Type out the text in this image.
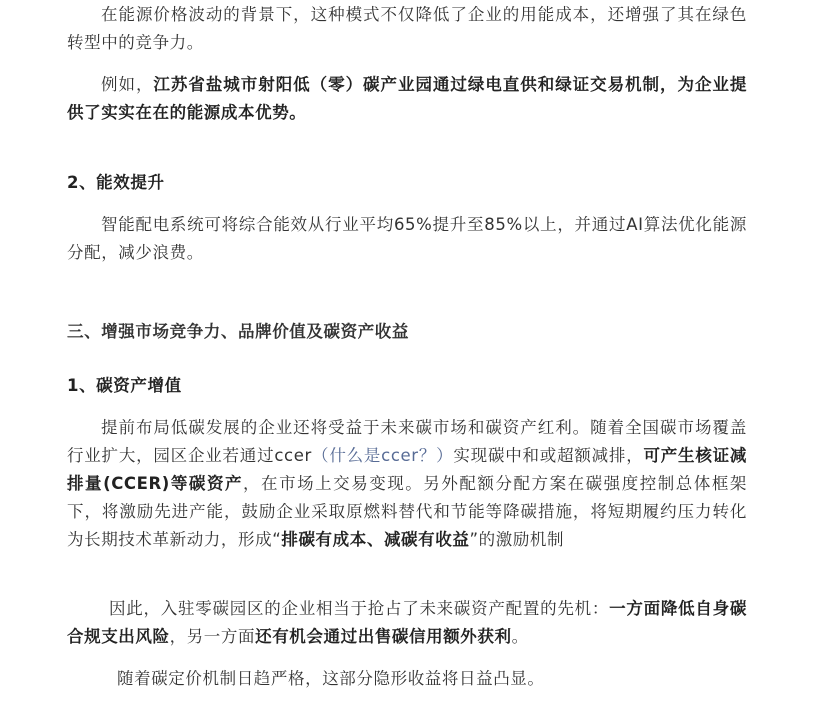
在能源价格波动的背景下，这种模式不仅降低了企业的用能成本，还增强了其在绿色转型中的竞争力。

例如，江苏省盐城市射阳低（零）碳产业园通过绿电直供和绿证交易机制，为企业提供了实实在在的能源成本优势。

2、能效提升

智能配电系统可将综合能效从行业平均65%提升至85%以上，并通过AI算法优化能源分配，减少浪费。

三、增强市场竞争力、品牌价值及碳资产收益
1、碳资产增值

提前布局低碳发展的企业还将受益于未来碳市场和碳资产红利。随着全国碳市场覆盖行业扩大，园区企业若通过ccer（什么是ccer？）实现碳中和或超额减排，可产生核证减排量(CCER)等碳资产，在市场上交易变现。另外配额分配方案在碳强度控制总体框架下，将激励先进产能，鼓励企业采取原燃料替代和节能等降碳措施，将短期履约压力转化为长期技术革新动力，形成“排碳有成本、减碳有收益”的激励机制

因此，入驻零碳园区的企业相当于抢占了未来碳资产配置的先机：一方面降低自身碳合规支出风险，另一方面还有机会通过出售碳信用额外获利。

随着碳定价机制日趋严格，这部分隐形收益将日益凸显。
